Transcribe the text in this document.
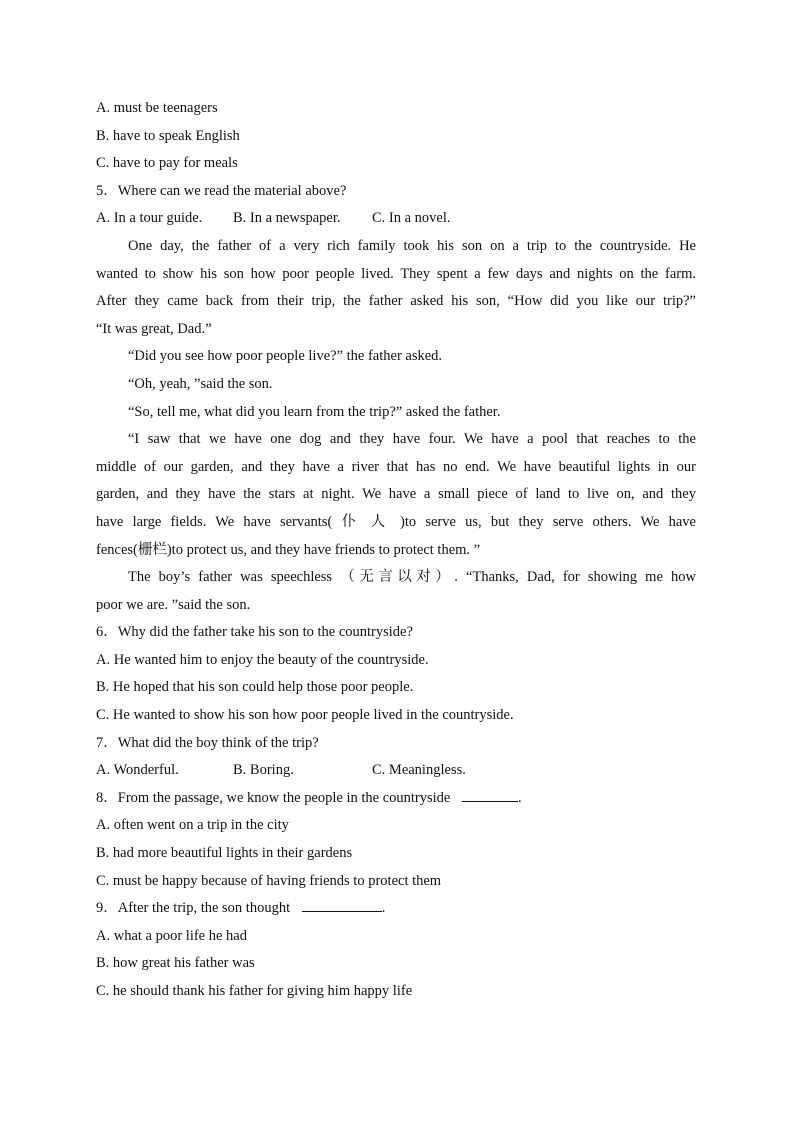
A. must be teenagers
B. have to speak English
C. have to pay for meals
5．Where can we read the material above?
A. In a tour guide. B. In a newspaper. C. In a novel.
One day, the father of a very rich family took his son on a trip to the countryside. He
wanted to show his son how poor people lived. They spent a few days and nights on the farm.
After they came back from their trip, the father asked his son, “How did you like our trip?”
“It was great, Dad.”
“Did you see how poor people live?” the father asked.
“Oh, yeah, ”said the son.
“So, tell me, what did you learn from the trip?” asked the father.
“I saw that we have one dog and they have four. We have a pool that reaches to the
middle of our garden, and they have a river that has no end. We have beautiful lights in our
garden, and they have the stars at night. We have a small piece of land to live on, and they
have large fields. We have servants( 仆 人 )to serve us, but they serve others. We have
fences(栅栏)to protect us, and they have friends to protect them. ”
The boy’s father was speechless （无言以对）. “Thanks, Dad, for showing me how
poor we are. ”said the son.
6．Why did the father take his son to the countryside?
A. He wanted him to enjoy the beauty of the countryside.
B. He hoped that his son could help those poor people.
C. He wanted to show his son how poor people lived in the countryside.
7．What did the boy think of the trip?
A. Wonderful.	B. Boring.	C. Meaningless.
8．From the passage, we know the people in the countryside	.
A. often went on a trip in the city
B. had more beautiful lights in their gardens
C. must be happy because of having friends to protect them
9．After the trip, the son thought	.
A. what a poor life he had
B. how great his father was
C. he should thank his father for giving him happy life
